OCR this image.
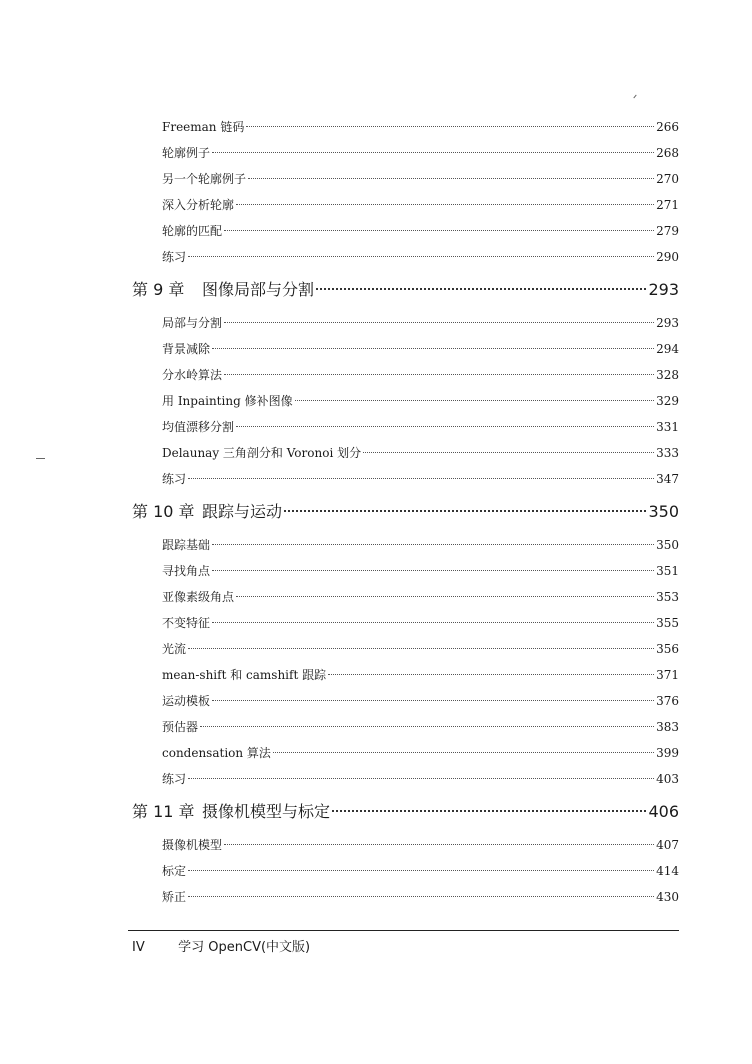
Freeman 链码	266
轮廓例子	268
另一个轮廓例子	270
深入分析轮廓	271
轮廓的匹配	279
练习	290
第 9 章	图像局部与分割	293
局部与分割	293
背景减除	294
分水岭算法	328
用 Inpainting 修补图像	329
均值漂移分割	331
Delaunay 三角剖分和 Voronoi 划分	333
练习	347
第 10 章 跟踪与运动	350
跟踪基础	350
寻找角点	351
亚像素级角点	353
不变特征	355
光流	356
mean-shift 和 camshift 跟踪	371
运动模板	376
预估器	383
condensation 算法	399
练习	403
第 11 章 摄像机模型与标定	406
摄像机模型	407
标定	414
矫正	430
IV	学习 OpenCV(中文版)
